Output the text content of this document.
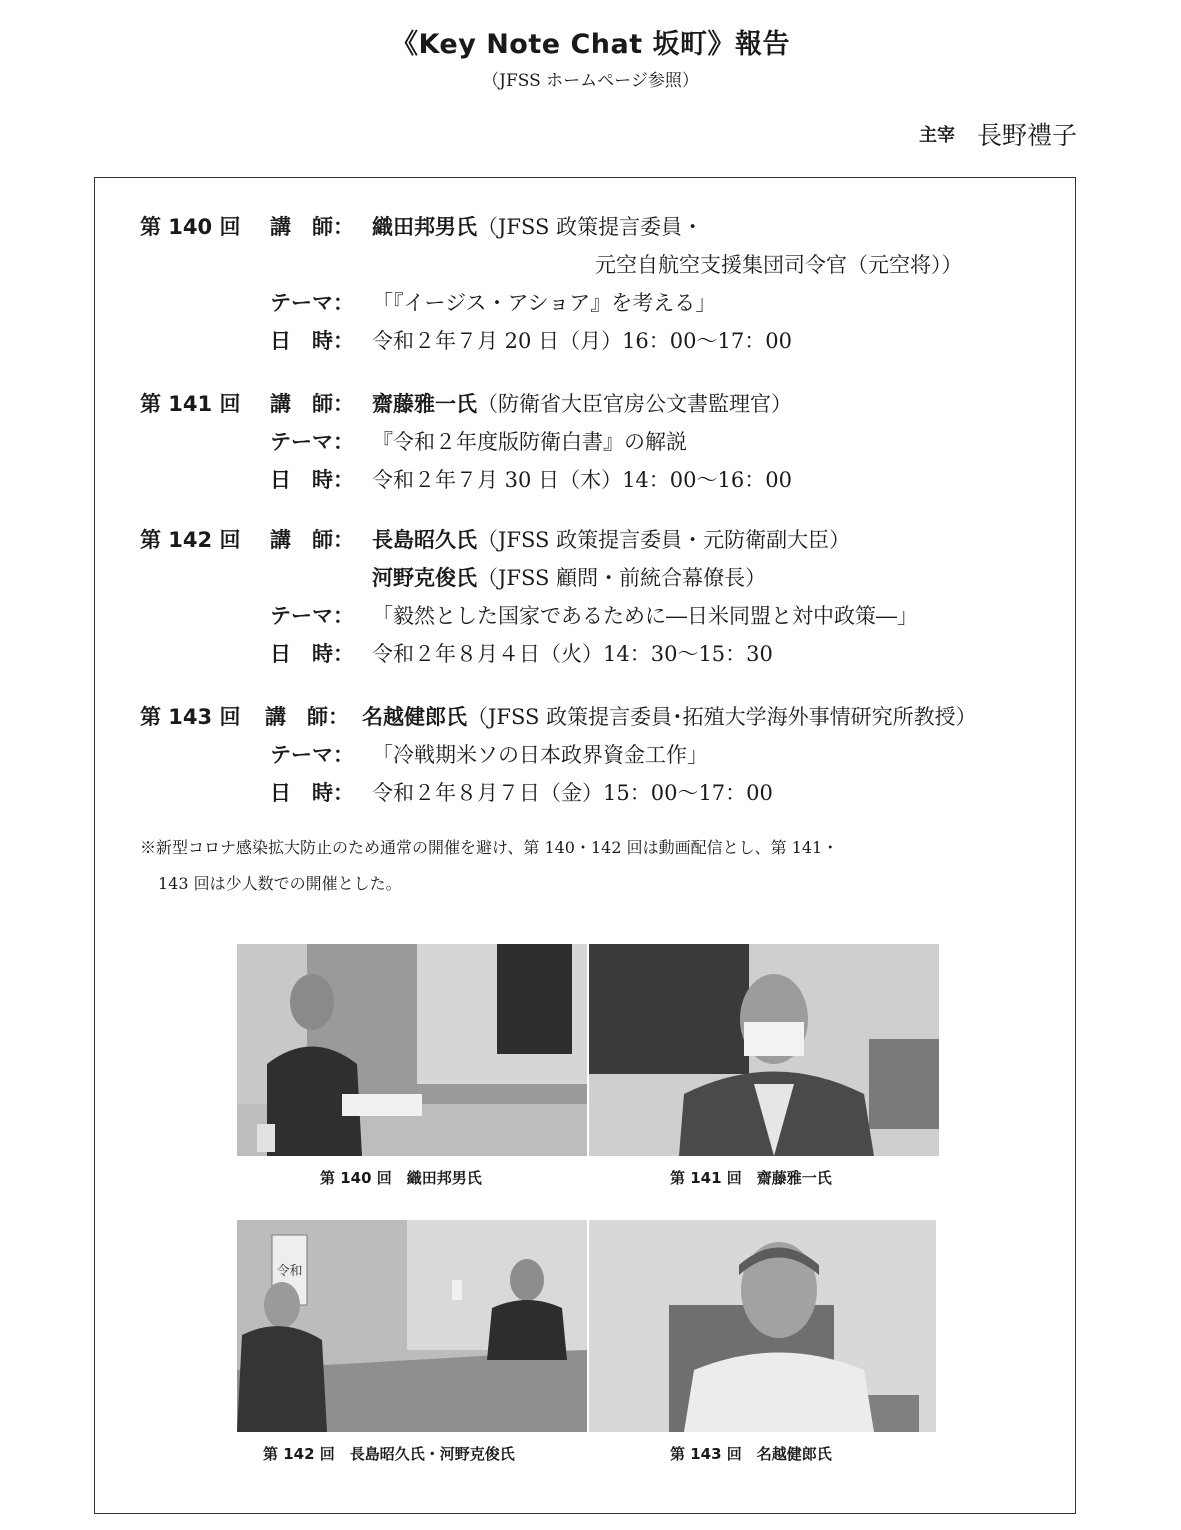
《Key Note Chat 坂町》報告
（JFSS ホームページ参照）
主宰 長野禮子
第 140 回 講　師： 織田邦男氏（JFSS 政策提言委員・
元空自航空支援集団司令官（元空将））
テーマ： 「『イージス・アショア』を考える」
日　時： 令和２年７月 20 日（月）16：00～17：00
第 141 回 講　師： 齋藤雅一氏（防衛省大臣官房公文書監理官）
テーマ： 『令和２年度版防衛白書』の解説
日　時： 令和２年７月 30 日（木）14：00～16：00
第 142 回 講　師： 長島昭久氏（JFSS 政策提言委員・元防衛副大臣）
河野克俊氏（JFSS 顧問・前統合幕僚長）
テーマ： 「毅然とした国家であるために―日米同盟と対中政策―」
日　時： 令和２年８月４日（火）14：30～15：30
第 143 回 講　師： 名越健郎氏（JFSS 政策提言委員･拓殖大学海外事情研究所教授）
テーマ： 「冷戦期米ソの日本政界資金工作」
日　時： 令和２年８月７日（金）15：00～17：00
※新型コロナ感染拡大防止のため通常の開催を避け、第 140・142 回は動画配信とし、第 141・
143 回は少人数での開催とした。
第 140 回　織田邦男氏	第 141 回　齋藤雅一氏
令和
第 142 回　長島昭久氏・河野克俊氏	第 143 回　名越健郎氏
